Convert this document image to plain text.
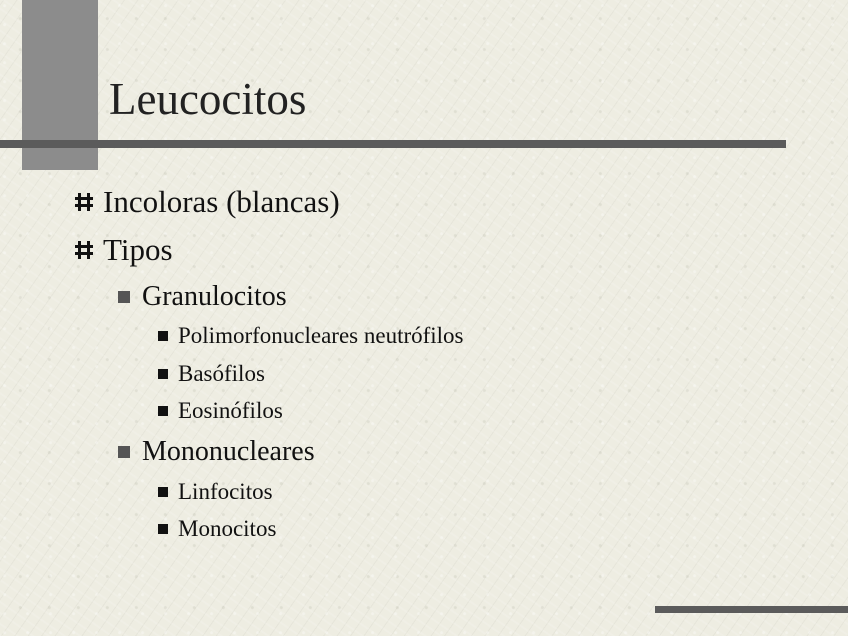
Leucocitos
Incoloras (blancas)
Tipos
Granulocitos
Polimorfonucleares neutrófilos
Basófilos
Eosinófilos
Mononucleares
Linfocitos
Monocitos
